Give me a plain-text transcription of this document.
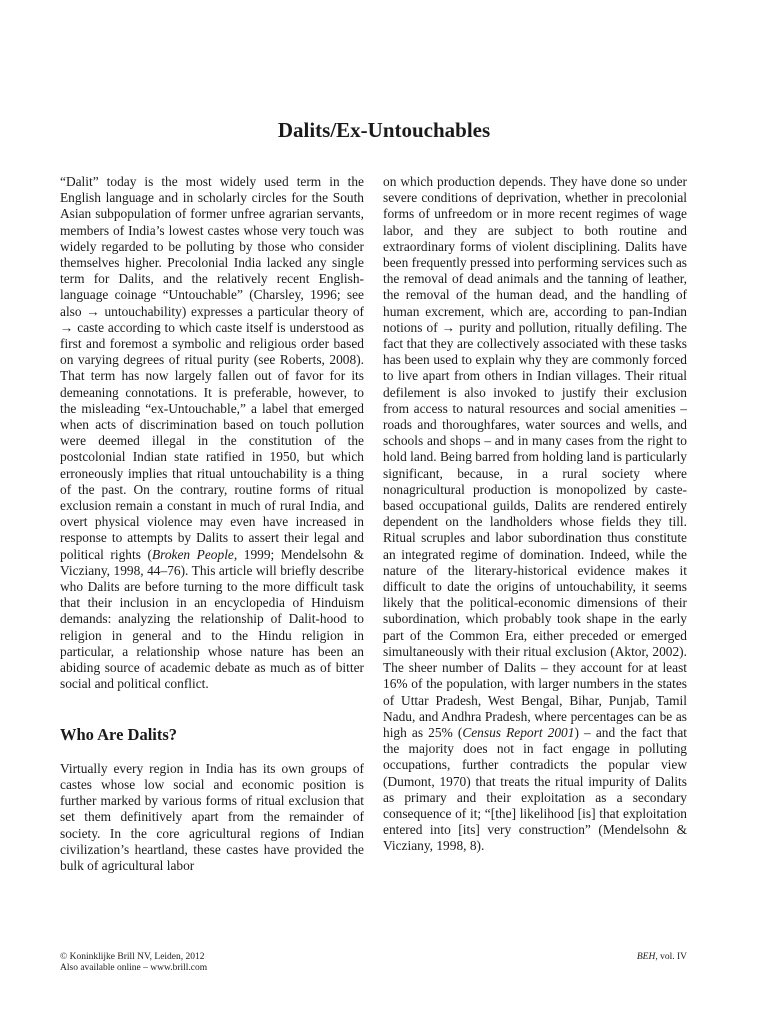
Dalits/Ex-Untouchables

“Dalit” today is the most widely used term in the English language and in scholarly circles for the South Asian subpopulation of former unfree agrarian servants, members of India’s lowest castes whose very touch was widely regarded to be polluting by those who consider themselves higher. Precolonial India lacked any single term for Dalits, and the relatively recent English-language coinage “Untouchable” (Charsley, 1996; see also → untouchability) expresses a particular theory of → caste according to which caste itself is understood as first and foremost a symbolic and religious order based on varying degrees of ritual purity (see Roberts, 2008). That term has now largely fallen out of favor for its demeaning connotations. It is preferable, however, to the misleading “ex-Untouchable,” a label that emerged when acts of discrimination based on touch pollution were deemed illegal in the constitution of the postcolonial Indian state ratified in 1950, but which erroneously implies that ritual untouchability is a thing of the past. On the contrary, routine forms of ritual exclusion remain a constant in much of rural India, and overt physical violence may even have increased in response to attempts by Dalits to assert their legal and political rights (Broken People, 1999; Mendelsohn & Vicziany, 1998, 44–76). This article will briefly describe who Dalits are before turning to the more difficult task that their inclusion in an encyclopedia of Hinduism demands: analyzing the relationship of Dalit-hood to religion in general and to the Hindu religion in particular, a relationship whose nature has been an abiding source of academic debate as much as of bitter social and political conflict.

Who Are Dalits?

Virtually every region in India has its own groups of castes whose low social and economic position is further marked by various forms of ritual exclusion that set them definitively apart from the remainder of society. In the core agricultural regions of Indian civilization’s heartland, these castes have provided the bulk of agricultural labor

on which production depends. They have done so under severe conditions of deprivation, whether in precolonial forms of unfreedom or in more recent regimes of wage labor, and they are subject to both routine and extraordinary forms of violent disciplining. Dalits have been frequently pressed into performing services such as the removal of dead animals and the tanning of leather, the removal of the human dead, and the handling of human excrement, which are, according to pan-Indian notions of → purity and pollution, ritually defiling. The fact that they are collectively associated with these tasks has been used to explain why they are commonly forced to live apart from others in Indian villages. Their ritual defilement is also invoked to justify their exclusion from access to natural resources and social amenities – roads and thoroughfares, water sources and wells, and schools and shops – and in many cases from the right to hold land. Being barred from holding land is particularly significant, because, in a rural society where nonagricultural production is monopolized by caste-based occupational guilds, Dalits are rendered entirely dependent on the landholders whose fields they till. Ritual scruples and labor subordination thus constitute an integrated regime of domination. Indeed, while the nature of the literary-historical evidence makes it difficult to date the origins of untouchability, it seems likely that the political-economic dimensions of their subordination, which probably took shape in the early part of the Common Era, either preceded or emerged simultaneously with their ritual exclusion (Aktor, 2002). The sheer number of Dalits – they account for at least 16% of the population, with larger numbers in the states of Uttar Pradesh, West Bengal, Bihar, Punjab, Tamil Nadu, and Andhra Pradesh, where percentages can be as high as 25% (Census Report 2001) – and the fact that the majority does not in fact engage in polluting occupations, further contradicts the popular view (Dumont, 1970) that treats the ritual impurity of Dalits as primary and their exploitation as a secondary consequence of it; “[the] likelihood [is] that exploitation entered into [its] very construction” (Mendelsohn & Vicziany, 1998, 8).

© Koninklijke Brill NV, Leiden, 2012
Also available online – www.brill.com
BEH, vol. IV
